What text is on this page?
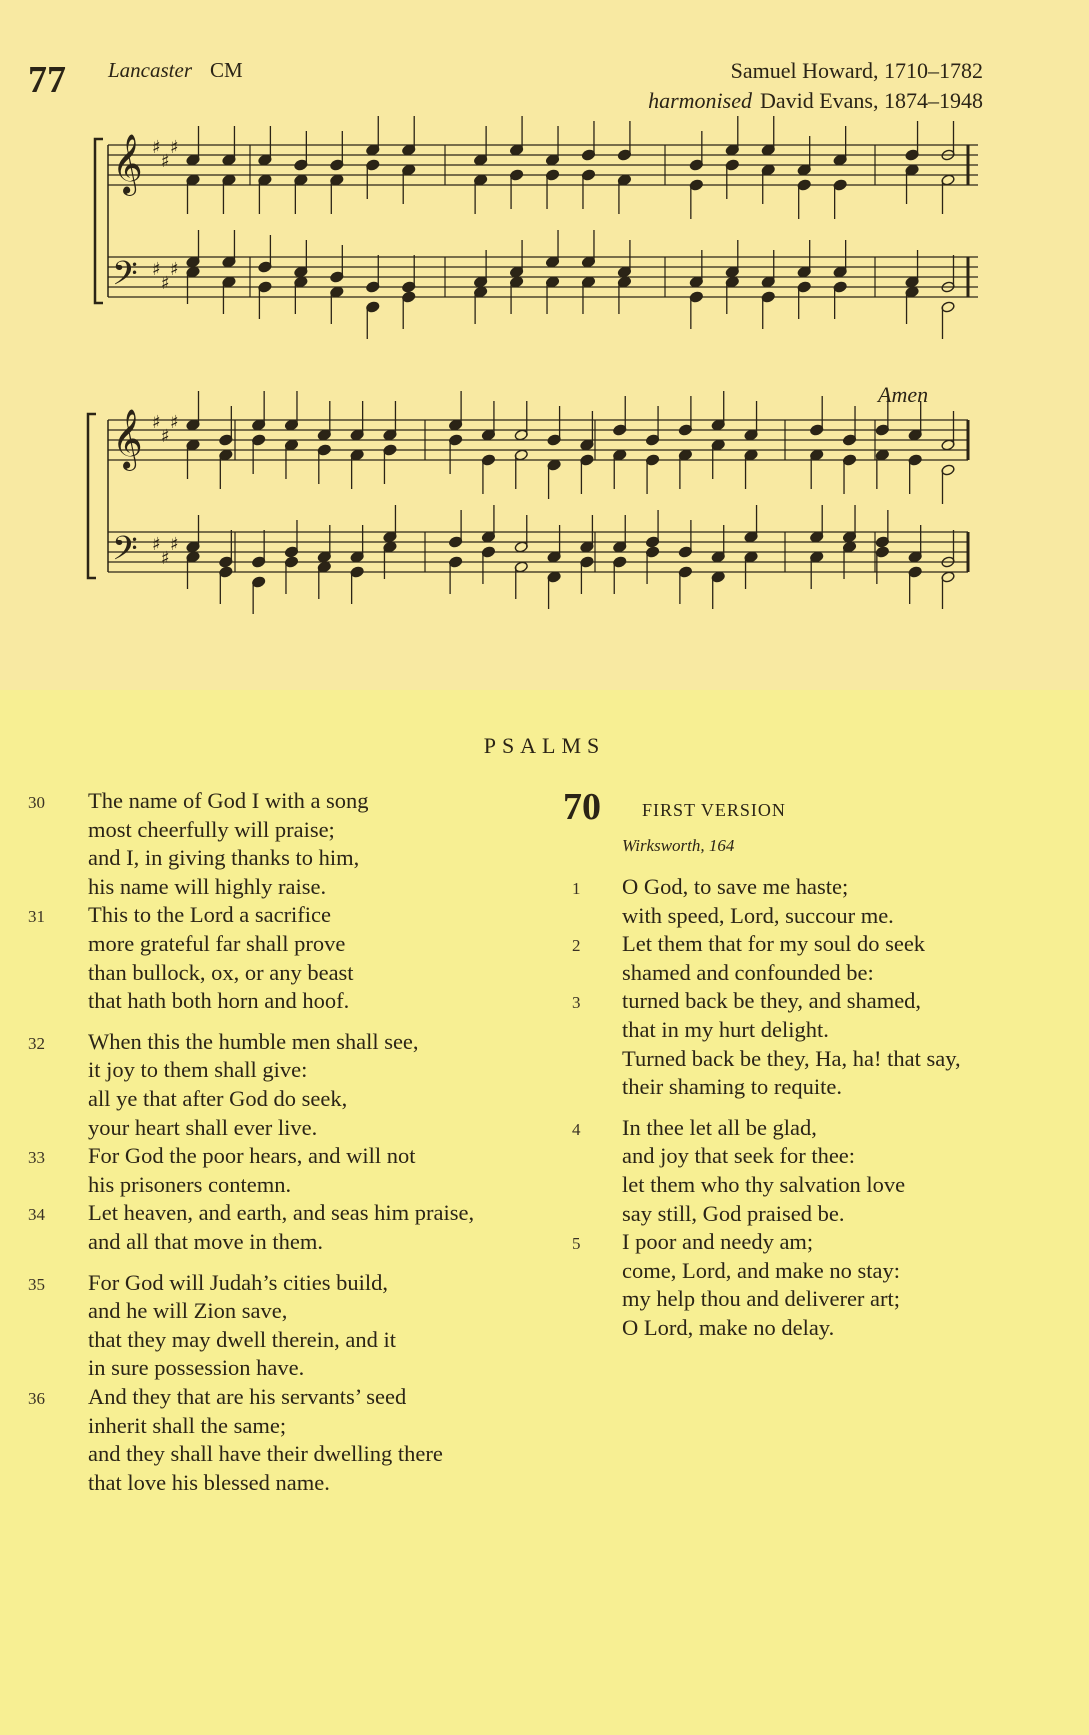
77 Lancaster CM	Samuel Howard, 1710–1782
harmonised David Evans, 1874–1948
𝄞
𝄢
♯
♯
♯
♯
♯
♯
𝄞
𝄢
♯
♯
♯
♯
♯
♯
Amen
PSALMS
30 The name of God I with a song
most cheerfully will praise;
and I, in giving thanks to him,
his name will highly raise.
31 This to the Lord a sacrifice
more grateful far shall prove
than bullock, ox, or any beast
that hath both horn and hoof.
32 When this the humble men shall see,
it joy to them shall give:
all ye that after God do seek,
your heart shall ever live.
33 For God the poor hears, and will not
his prisoners contemn.
34 Let heaven, and earth, and seas him praise,
and all that move in them.
35 For God will Judah’s cities build,
and he will Zion save,
that they may dwell therein, and it
in sure possession have.
36 And they that are his servants’ seed
inherit shall the same;
and they shall have their dwelling there
that love his blessed name.
70 FIRST VERSION
Wirksworth, 164
1 O God, to save me haste;
with speed, Lord, succour me.
2 Let them that for my soul do seek
shamed and confounded be:
3 turned back be they, and shamed,
that in my hurt delight.
Turned back be they, Ha, ha! that say,
their shaming to requite.
4 In thee let all be glad,
and joy that seek for thee:
let them who thy salvation love
say still, God praised be.
5 I poor and needy am;
come, Lord, and make no stay:
my help thou and deliverer art;
O Lord, make no delay.
